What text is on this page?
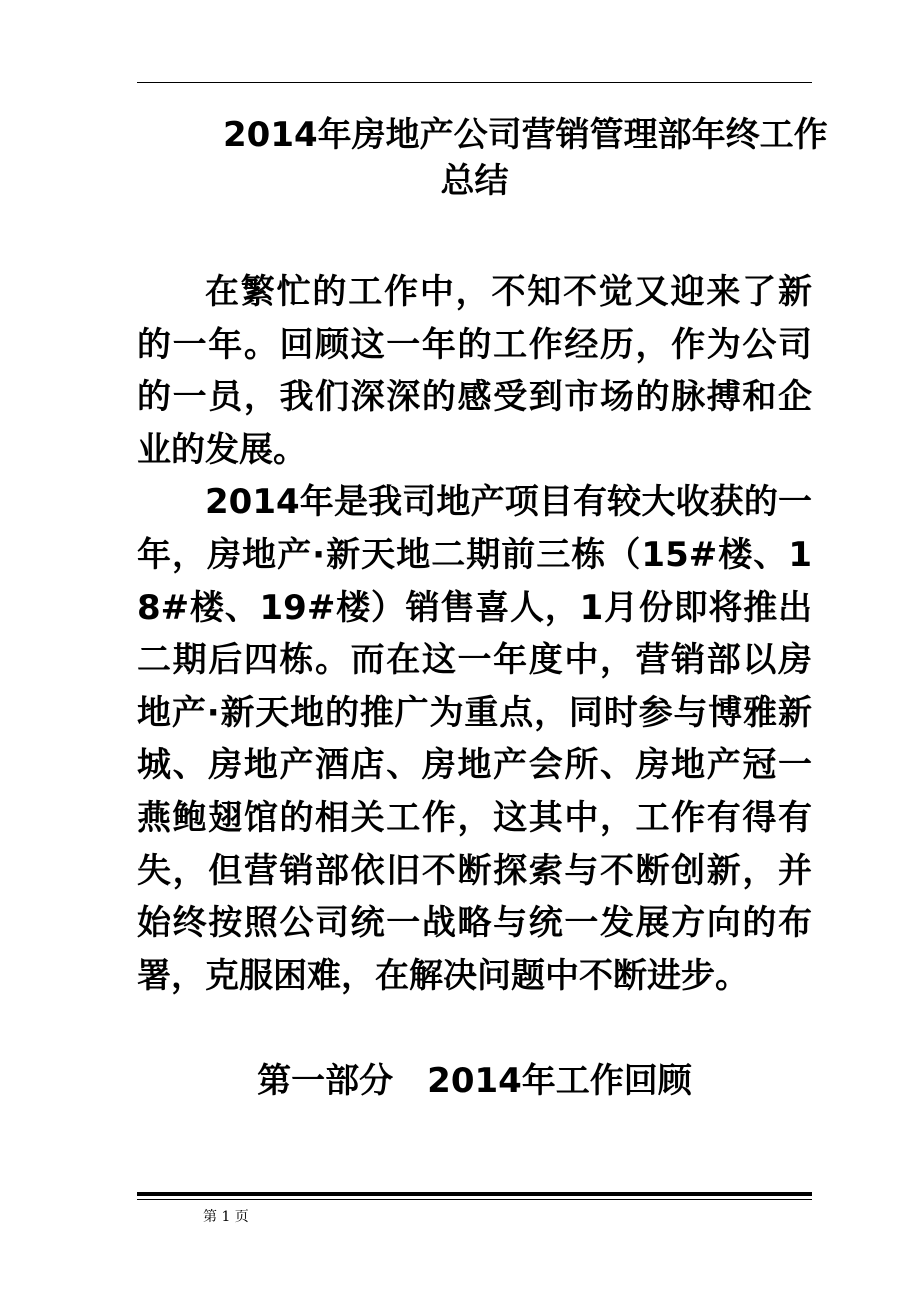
2014年房地产公司营销管理部年终工作
总结

在繁忙的工作中，不知不觉又迎来了新的一年。回顾这一年的工作经历，作为公司的一员，我们深深的感受到市场的脉搏和企业的发展。

2014年是我司地产项目有较大收获的一年，房地产·新天地二期前三栋（15#楼、18#楼、19#楼）销售喜人，1月份即将推出二期后四栋。而在这一年度中，营销部以房地产·新天地的推广为重点，同时参与博雅新城、房地产酒店、房地产会所、房地产冠一燕鲍翅馆的相关工作，这其中，工作有得有失，但营销部依旧不断探索与不断创新，并始终按照公司统一战略与统一发展方向的布署，克服困难，在解决问题中不断进步。

第一部分　2014年工作回顾
第 1 页
